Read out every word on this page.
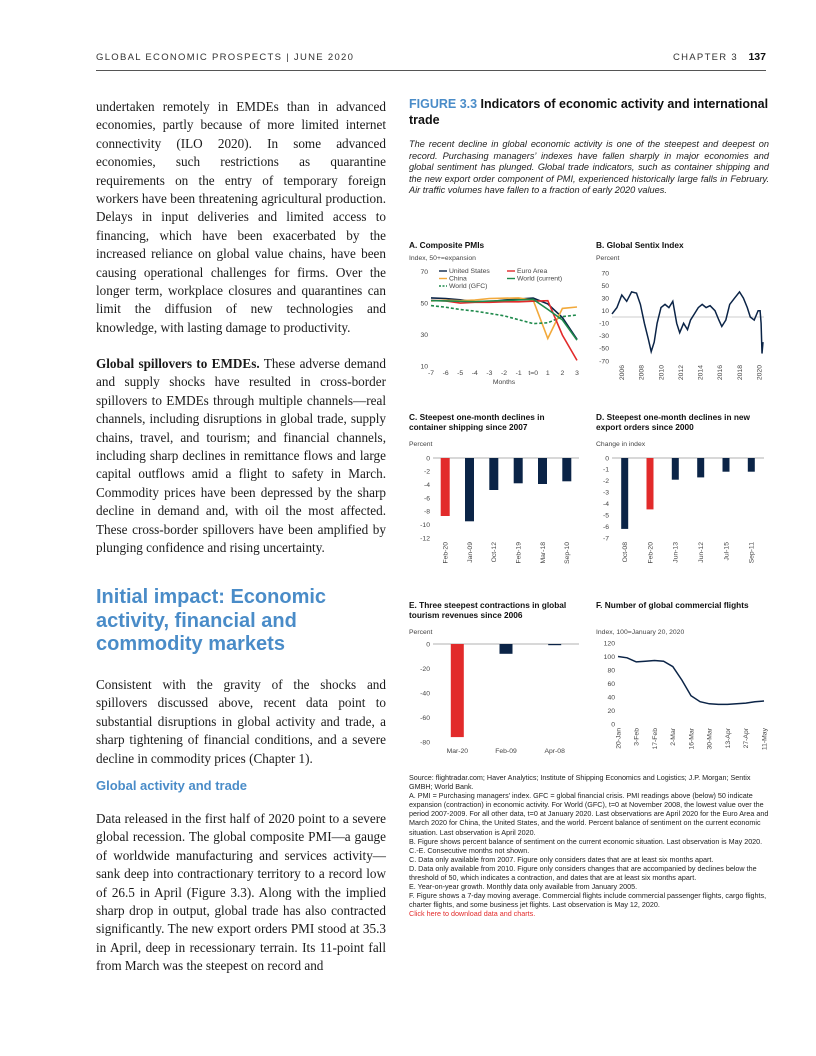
GLOBAL ECONOMIC PROSPECTS | JUNE 2020	CHAPTER 3 137

undertaken remotely in EMDEs than in advanced economies, partly because of more limited internet connectivity (ILO 2020). In some advanced economies, such restrictions as quarantine requirements on the entry of temporary foreign workers have been threatening agricultural production. Delays in input deliveries and limited access to financing, which have been exacerbated by the increased reliance on global value chains, have been causing operational challenges for firms. Over the longer term, workplace closures and quarantines can limit the diffusion of new technologies and knowledge, with lasting damage to productivity.

Global spillovers to EMDEs. These adverse demand and supply shocks have resulted in cross-border spillovers to EMDEs through multiple channels—real channels, including disruptions in global trade, supply chains, travel, and tourism; and financial channels, including sharp declines in remittance flows and large capital outflows amid a flight to safety in March. Commodity prices have been depressed by the sharp decline in demand and, with oil the most affected. These cross-border spillovers have been amplified by plunging confidence and rising uncertainty.

Initial impact: Economic activity, financial and commodity markets

Consistent with the gravity of the shocks and spillovers discussed above, recent data point to substantial disruptions in global activity and trade, a sharp tightening of financial conditions, and a severe decline in commodity prices (Chapter 1).

Global activity and trade

Data released in the first half of 2020 point to a severe global recession. The global composite PMI—a gauge of worldwide manufacturing and services activity—sank deep into contractionary territory to a record low of 26.5 in April (Figure 3.3). Along with the implied sharp drop in output, global trade has also contracted significantly. The new export orders PMI stood at 35.3 in April, deep in recessionary terrain. Its 11-point fall from March was the steepest on record and

FIGURE 3.3 Indicators of economic activity and international trade

The recent decline in global economic activity is one of the steepest and deepest on record. Purchasing managers’ indexes have fallen sharply in major economies and global sentiment has plunged. Global trade indicators, such as container shipping and the new export order component of PMI, experienced historically large falls in February. Air traffic volumes have fallen to a fraction of early 2020 values.

A. Composite PMIs

Index, 50+=expansion
10
30
50
70	United States
China
World (GFC)
Euro Area
World (current)
-7 -6 -5 -4 -3 -2 -1 t=0 1 2 3
Months

B. Global Sentix Index

Percent
70
50
30
10
-10
-30
-50
-70
2006 2008 2010 2012 2014 2016 2018 2020

C. Steepest one-month declines in container shipping since 2007

Percent
0
-2
-4
-6
-8
-10
-12
Feb-20	Jan-09	Oct-12	Feb-19	Mar-18	Sep-10

D. Steepest one-month declines in new export orders since 2000

Change in index
0
-1
-2
-3
-4
-5
-6
-7
Oct-08	Feb-20	Jun-13	Jun-12	Jul-15	Sep-11

E. Three steepest contractions in global tourism revenues since 2006

Percent
0
-20
-40
-60
-80
Mar-20	Feb-09	Apr-08

F. Number of global commercial flights

Index, 100=January 20, 2020
0
20
40
60
80
100
120
20-Jan 3-Feb 17-Feb 2-Mar 16-Mar 30-Mar 13-Apr 27-Apr 11-May

Source: flightradar.com; Haver Analytics; Institute of Shipping Economics and Logistics; J.P. Morgan; Sentix GMBH; World Bank.

A. PMI = Purchasing managers’ index. GFC = global financial crisis. PMI readings above (below) 50 indicate expansion (contraction) in economic activity. For World (GFC), t=0 at November 2008, the lowest value over the period 2007-2009. For all other data, t=0 at January 2020. Last observations are April 2020 for the Euro Area and March 2020 for China, the United States, and the world. Percent balance of sentiment on the current economic situation. Last observation is April 2020.

B. Figure shows percent balance of sentiment on the current economic situation. Last observation is May 2020.

C.-E. Consecutive months not shown.

C. Data only available from 2007. Figure only considers dates that are at least six months apart.

D. Data only available from 2010. Figure only considers changes that are accompanied by declines below the threshold of 50, which indicates a contraction, and dates that are at least six months apart.

E. Year-on-year growth. Monthly data only available from January 2005.

F. Figure shows a 7-day moving average. Commercial flights include commercial passenger flights, cargo flights, charter flights, and some business jet flights. Last observation is May 12, 2020.

Click here to download data and charts.
